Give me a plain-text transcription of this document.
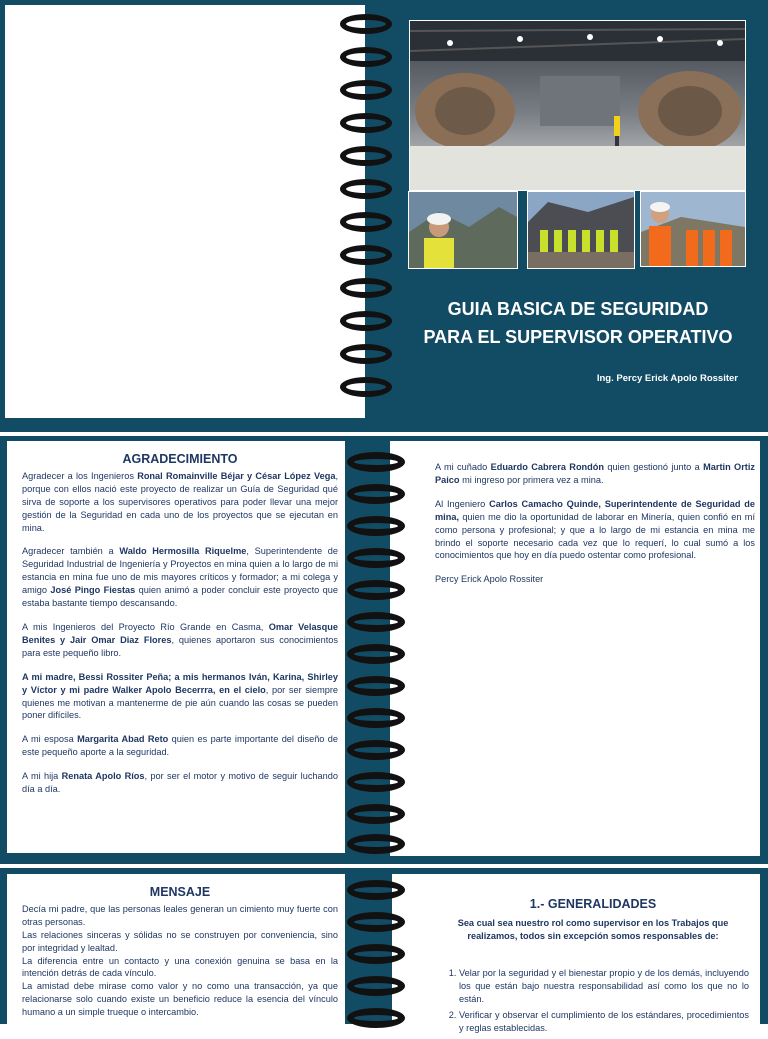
GUIA BASICA DE SEGURIDAD
PARA EL SUPERVISOR OPERATIVO
Ing. Percy Erick Apolo Rossiter
AGRADECIMIENTO

Agradecer a los Ingenieros Ronal Romainville Béjar y César López Vega, porque con ellos nació este proyecto de realizar un Guía de Seguridad qué sirva de soporte a los supervisores operativos para poder llevar una mejor gestión de la Seguridad en cada uno de los proyectos que se ejecutan en mina.

Agradecer también a Waldo Hermosilla Riquelme, Superintendente de Seguridad Industrial de Ingeniería y Proyectos en mina quien a lo largo de mi estancia en mina fue uno de mis mayores críticos y formador; a mi colega y amigo José Pingo Fiestas quien animó a poder concluir este proyecto que estaba bastante tiempo descansando.

A mis Ingenieros del Proyecto Río Grande en Casma, Omar Velasque Benites y Jair Omar Diaz Flores, quienes aportaron sus conocimientos para este pequeño libro.

A mi madre, Bessi Rossiter Peña; a mis hermanos Iván, Karina, Shirley y Víctor y mi padre Walker Apolo Becerrra, en el cielo, por ser siempre quienes me motivan a mantenerme de pie aún cuando las cosas se pueden poner difíciles.

A mi esposa Margarita Abad Reto quien es parte importante del diseño de este pequeño aporte a la seguridad.

A mi hija Renata Apolo Ríos, por ser el motor y motivo de seguir luchando día a día.

A mi cuñado Eduardo Cabrera Rondón quien gestionó junto a Martin Ortiz Paico mi ingreso por primera vez a mina.

Al Ingeniero Carlos Camacho Quinde, Superintendente de Seguridad de mina, quien me dio la oportunidad de laborar en Minería, quien confió en mí como persona y profesional; y que a lo largo de mi estancia en mina me brindo el soporte necesario cada vez que lo requerí, lo cual sumó a los conocimientos que hoy en día puedo ostentar como profesional.

Percy Erick Apolo Rossiter

MENSAJE
Decía mi padre, que las personas leales generan un cimiento muy fuerte con otras personas.
Las relaciones sinceras y sólidas no se construyen por conveniencia, sino por integridad y lealtad.
La diferencia entre un contacto y una conexión genuina se basa en la intención detrás de cada vínculo.
La amistad debe mirase como valor y no como una transacción, ya que relacionarse solo cuando existe un beneficio reduce la esencia del vínculo humano a un simple trueque o intercambio.
1.- GENERALIDADES
Sea cual sea nuestro rol como supervisor en los Trabajos que realizamos, todos sin excepción somos responsables de:
1. Velar por la seguridad y el bienestar propio y de los demás, incluyendo los que están bajo nuestra responsabilidad así como los que no lo están.
2. Verificar y observar el cumplimiento de los estándares, procedimientos y reglas establecidas.
